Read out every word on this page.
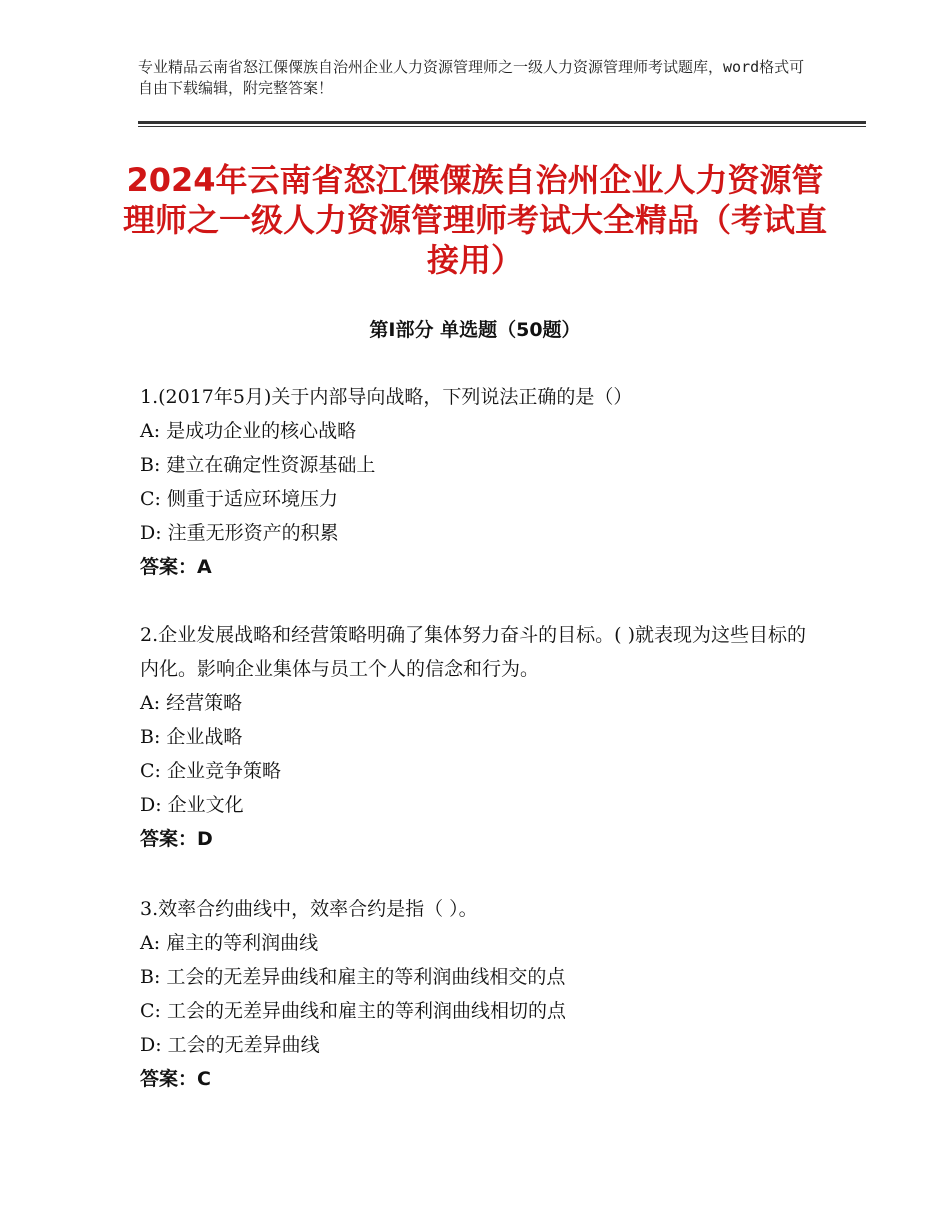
专业精品云南省怒江傈僳族自治州企业人力资源管理师之一级人力资源管理师考试题库，word格式可自由下载编辑，附完整答案！
2024年云南省怒江傈僳族自治州企业人力资源管理师之一级人力资源管理师考试大全精品（考试直接用）
第Ⅰ部分 单选题（50题）
1.(2017年5月)关于内部导向战略，下列说法正确的是（）
A: 是成功企业的核心战略
B: 建立在确定性资源基础上
C: 侧重于适应环境压力
D: 注重无形资产的积累
答案：A
2.企业发展战略和经营策略明确了集体努力奋斗的目标。( )就表现为这些目标的内化。影响企业集体与员工个人的信念和行为。
A: 经营策略
B: 企业战略
C: 企业竞争策略
D: 企业文化
答案：D
3.效率合约曲线中，效率合约是指（ ）。
A: 雇主的等利润曲线
B: 工会的无差异曲线和雇主的等利润曲线相交的点
C: 工会的无差异曲线和雇主的等利润曲线相切的点
D: 工会的无差异曲线
答案：C
